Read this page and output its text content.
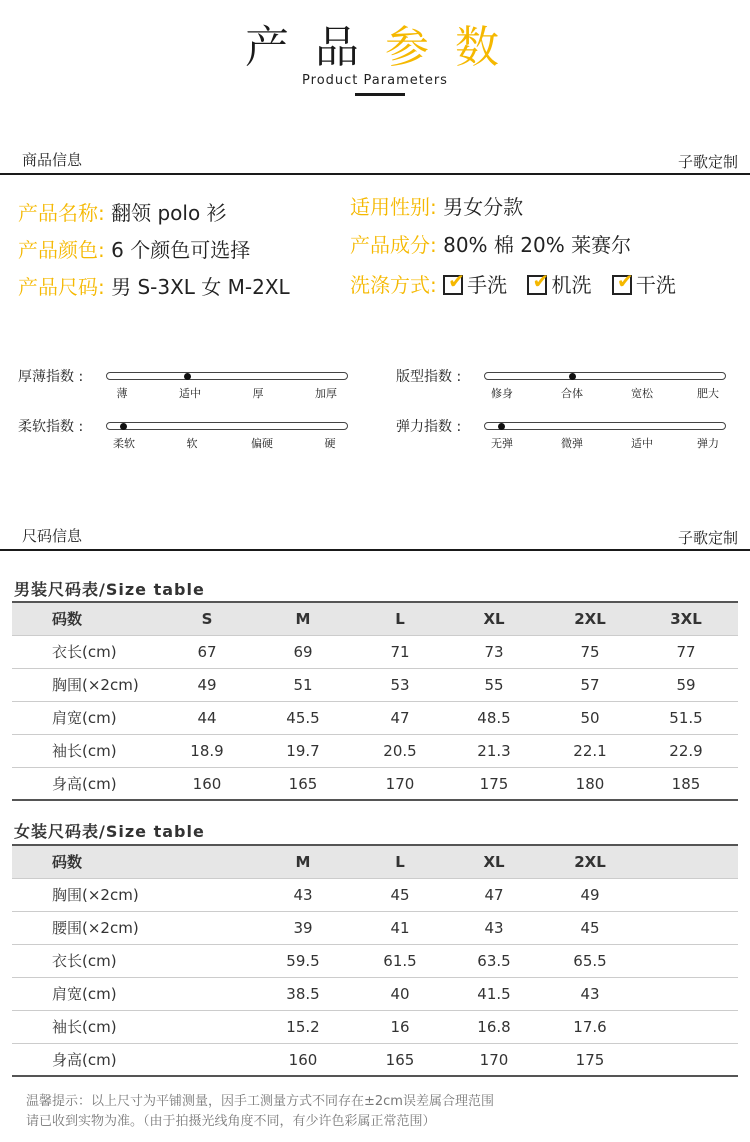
产 品 参 数
Product Parameters
商品信息	子歌定制
产品名称: 翻领 polo 衫	适用性别: 男女分款
产品颜色: 6 个颜色可选择	产品成分: 80% 棉 20% 莱赛尔
产品尺码: 男 S-3XL 女 M-2XL	洗涤方式: ✔ 手洗 ✔ 机洗 ✔ 干洗
厚薄指数 :
薄	适中	厚	加厚
版型指数 :
修身	合体	宽松	肥大
柔软指数 :
柔软	软	偏硬	硬
弹力指数 :
无弹	微弹	适中	弹力
尺码信息	子歌定制
男装尺码表/Size table
码数	S	M	L	XL	2XL	3XL
衣长(cm)	67	69	71	73	75	77
胸围(×2cm)	49	51	53	55	57	59
肩宽(cm)	44	45.5	47	48.5	50	51.5
袖长(cm)	18.9	19.7	20.5	21.3	22.1	22.9
身高(cm)	160	165	170	175	180	185
女装尺码表/Size table
码数	M	L	XL	2XL
胸围(×2cm)	43	45	47	49
腰围(×2cm)	39	41	43	45
衣长(cm)	59.5	61.5	63.5	65.5
肩宽(cm)	38.5	40	41.5	43
袖长(cm)	15.2	16	16.8	17.6
身高(cm)	160	165	170	175
温馨提示：以上尺寸为平铺测量，因手工测量方式不同存在±2cm误差属合理范围
请已收到实物为准。（由于拍摄光线角度不同，有少许色彩属正常范围）
